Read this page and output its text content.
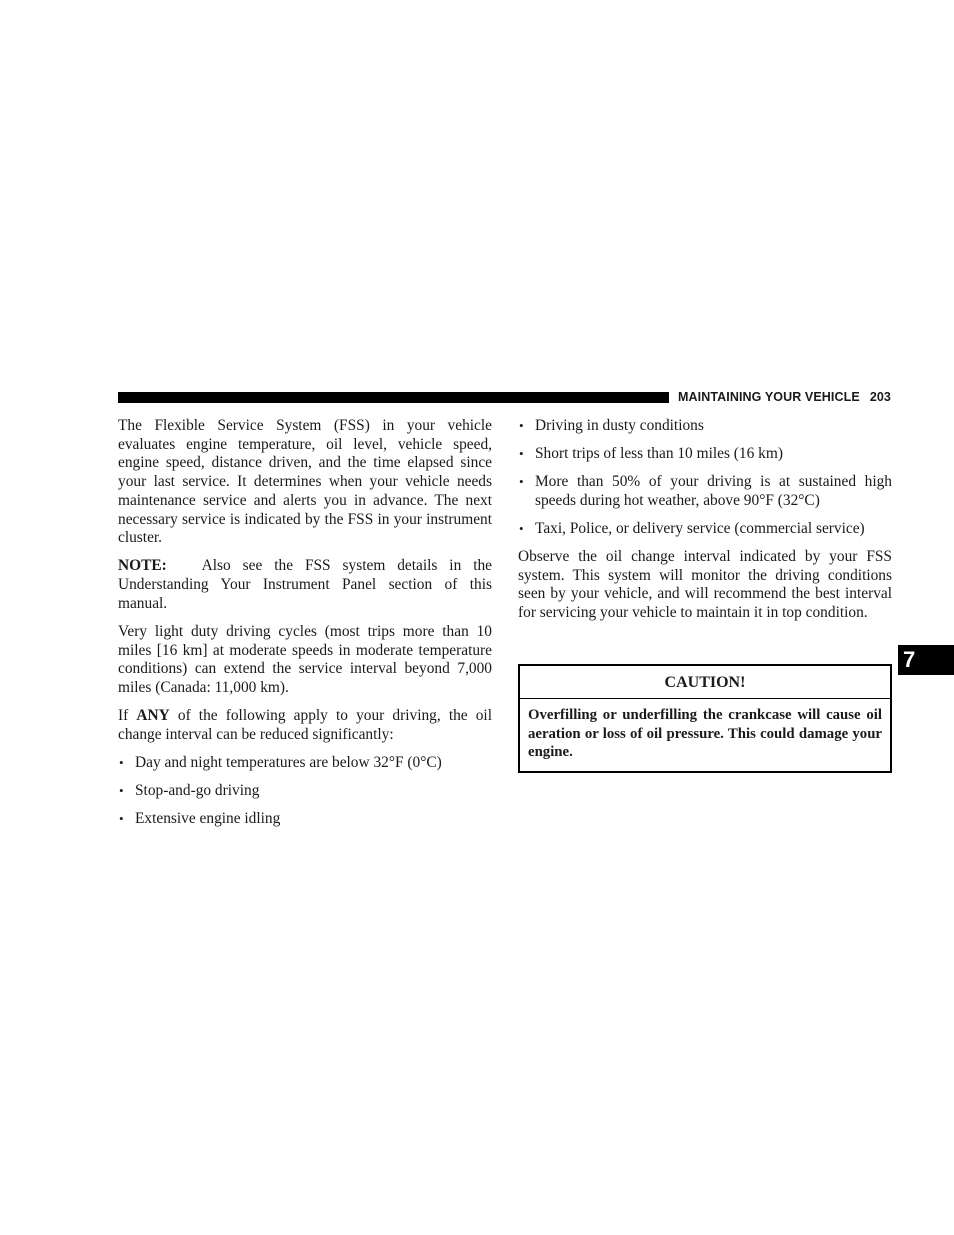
MAINTAINING YOUR VEHICLE 203

The Flexible Service System (FSS) in your vehicle evaluates engine temperature, oil level, vehicle speed, engine speed, distance driven, and the time elapsed since your last service. It determines when your vehicle needs maintenance service and alerts you in advance. The next necessary service is indicated by the FSS in your instrument cluster.

NOTE: Also see the FSS system details in the Understanding Your Instrument Panel section of this manual.

Very light duty driving cycles (most trips more than 10 miles [16 km] at moderate speeds in moderate temperature conditions) can extend the service interval beyond 7,000 miles (Canada: 11,000 km).

If ANY of the following apply to your driving, the oil change interval can be reduced significantly:

• Day and night temperatures are below 32°F (0°C)
• Stop-and-go driving
• Extensive engine idling
• Driving in dusty conditions
• Short trips of less than 10 miles (16 km)
• More than 50% of your driving is at sustained high speeds during hot weather, above 90°F (32°C)
• Taxi, Police, or delivery service (commercial service)

Observe the oil change interval indicated by your FSS system. This system will monitor the driving conditions seen by your vehicle, and will recommend the best interval for servicing your vehicle to maintain it in top condition.

CAUTION!
Overfilling or underfilling the crankcase will cause oil aeration or loss of oil pressure. This could damage your engine.
7
